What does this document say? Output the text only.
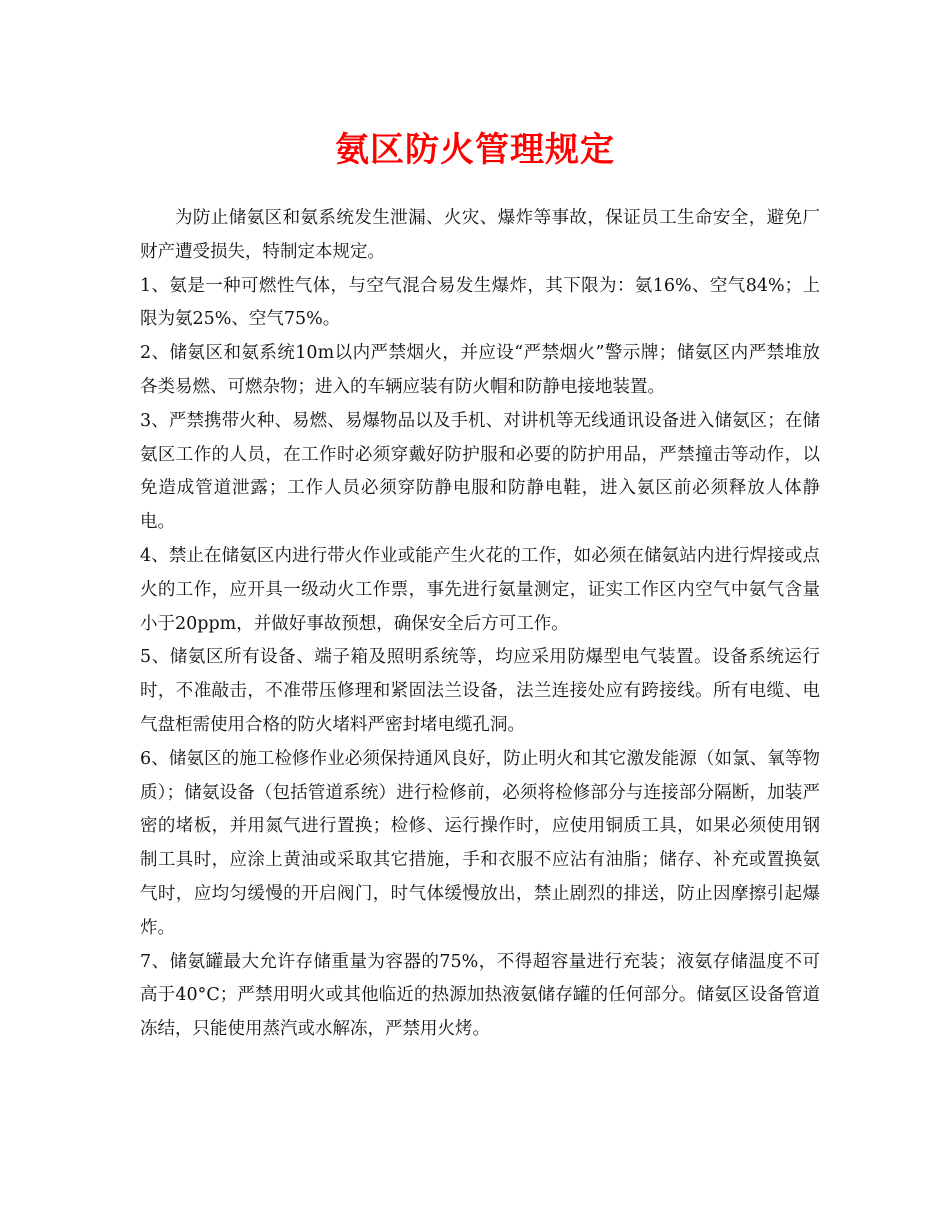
氨区防火管理规定

为防止储氨区和氨系统发生泄漏、火灾、爆炸等事故，保证员工生命安全，避免厂财产遭受损失，特制定本规定。

1、氨是一种可燃性气体，与空气混合易发生爆炸，其下限为：氨16%、空气84%；上限为氨25%、空气75%。

2、储氨区和氨系统10m以内严禁烟火，并应设“严禁烟火”警示牌；储氨区内严禁堆放各类易燃、可燃杂物；进入的车辆应装有防火帽和防静电接地装置。

3、严禁携带火种、易燃、易爆物品以及手机、对讲机等无线通讯设备进入储氨区；在储氨区工作的人员，在工作时必须穿戴好防护服和必要的防护用品，严禁撞击等动作，以免造成管道泄露；工作人员必须穿防静电服和防静电鞋，进入氨区前必须释放人体静电。

4、禁止在储氨区内进行带火作业或能产生火花的工作，如必须在储氨站内进行焊接或点火的工作，应开具一级动火工作票，事先进行氨量测定，证实工作区内空气中氨气含量小于20ppm，并做好事故预想，确保安全后方可工作。

5、储氨区所有设备、端子箱及照明系统等，均应采用防爆型电气装置。设备系统运行时，不准敲击，不准带压修理和紧固法兰设备，法兰连接处应有跨接线。所有电缆、电气盘柜需使用合格的防火堵料严密封堵电缆孔洞。

6、储氨区的施工检修作业必须保持通风良好，防止明火和其它激发能源（如氯、氧等物质）；储氨设备（包括管道系统）进行检修前，必须将检修部分与连接部分隔断，加装严密的堵板，并用氮气进行置换；检修、运行操作时，应使用铜质工具，如果必须使用钢制工具时，应涂上黄油或采取其它措施，手和衣服不应沾有油脂；储存、补充或置换氨气时，应均匀缓慢的开启阀门，时气体缓慢放出，禁止剧烈的排送，防止因摩擦引起爆炸。

7、储氨罐最大允许存储重量为容器的75%，不得超容量进行充装；液氨存储温度不可高于40°C；严禁用明火或其他临近的热源加热液氨储存罐的任何部分。储氨区设备管道冻结，只能使用蒸汽或水解冻，严禁用火烤。
